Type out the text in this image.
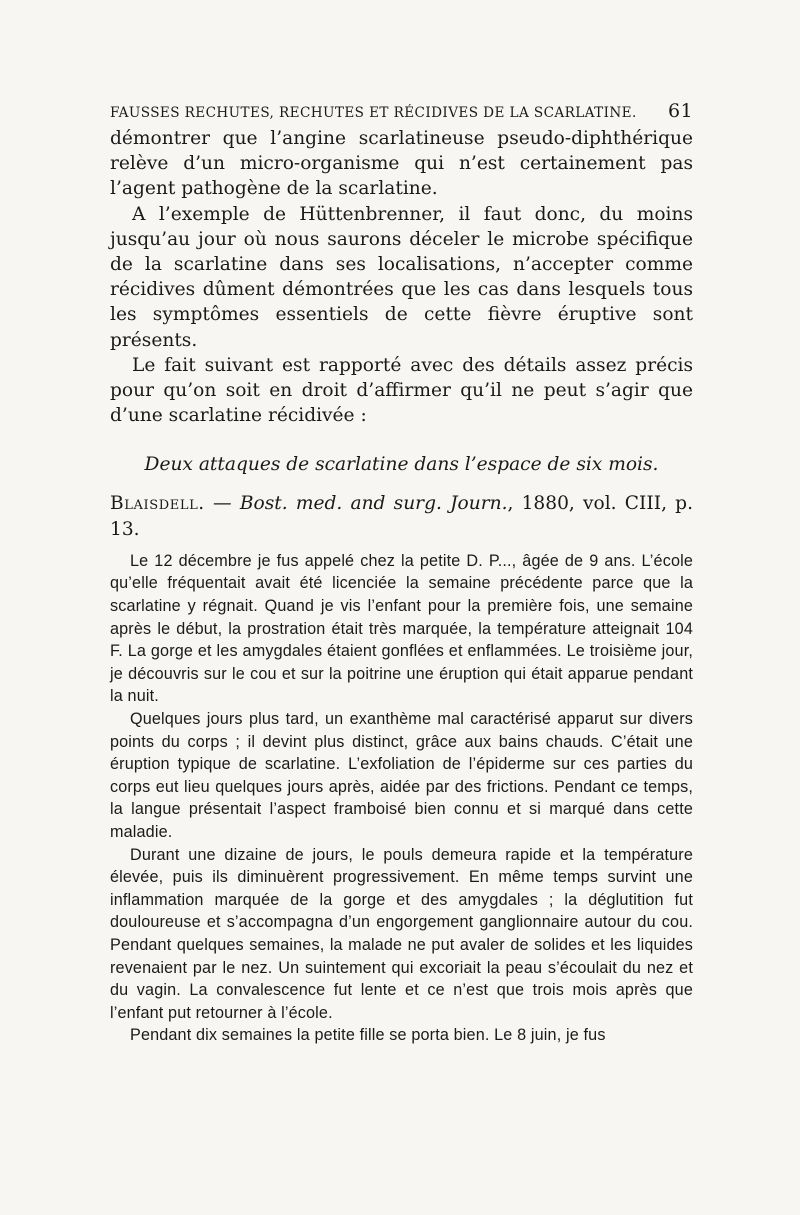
FAUSSES RECHUTES, RECHUTES ET RÉCIDIVES DE LA SCARLATINE. 61

démontrer que l’angine scarlatineuse pseudo-diphthérique relève d’un micro-organisme qui n’est certainement pas l’agent pathogène de la scarlatine.

A l’exemple de Hüttenbrenner, il faut donc, du moins jusqu’au jour où nous saurons déceler le microbe spécifique de la scarlatine dans ses localisations, n’accepter comme récidives dûment démontrées que les cas dans lesquels tous les symptômes essentiels de cette fièvre éruptive sont présents.

Le fait suivant est rapporté avec des détails assez précis pour qu’on soit en droit d’affirmer qu’il ne peut s’agir que d’une scarlatine récidivée :

Deux attaques de scarlatine dans l’espace de six mois.

Blaisdell. — Bost. med. and surg. Journ., 1880, vol. CIII, p. 13.

Le 12 décembre je fus appelé chez la petite D. P..., âgée de 9 ans. L’école qu’elle fréquentait avait été licenciée la semaine précédente parce que la scarlatine y régnait. Quand je vis l’enfant pour la première fois, une semaine après le début, la prostration était très marquée, la température atteignait 104 F. La gorge et les amygdales étaient gonflées et enflammées. Le troisième jour, je découvris sur le cou et sur la poitrine une éruption qui était apparue pendant la nuit.

Quelques jours plus tard, un exanthème mal caractérisé apparut sur divers points du corps ; il devint plus distinct, grâce aux bains chauds. C’était une éruption typique de scarlatine. L’exfoliation de l’épiderme sur ces parties du corps eut lieu quelques jours après, aidée par des frictions. Pendant ce temps, la langue présentait l’aspect framboisé bien connu et si marqué dans cette maladie.

Durant une dizaine de jours, le pouls demeura rapide et la température élevée, puis ils diminuèrent progressivement. En même temps survint une inflammation marquée de la gorge et des amygdales ; la déglutition fut douloureuse et s’accompagna d’un engorgement ganglionnaire autour du cou. Pendant quelques semaines, la malade ne put avaler de solides et les liquides revenaient par le nez. Un suintement qui excoriait la peau s’écoulait du nez et du vagin. La convalescence fut lente et ce n’est que trois mois après que l’enfant put retourner à l’école.

Pendant dix semaines la petite fille se porta bien. Le 8 juin, je fus
